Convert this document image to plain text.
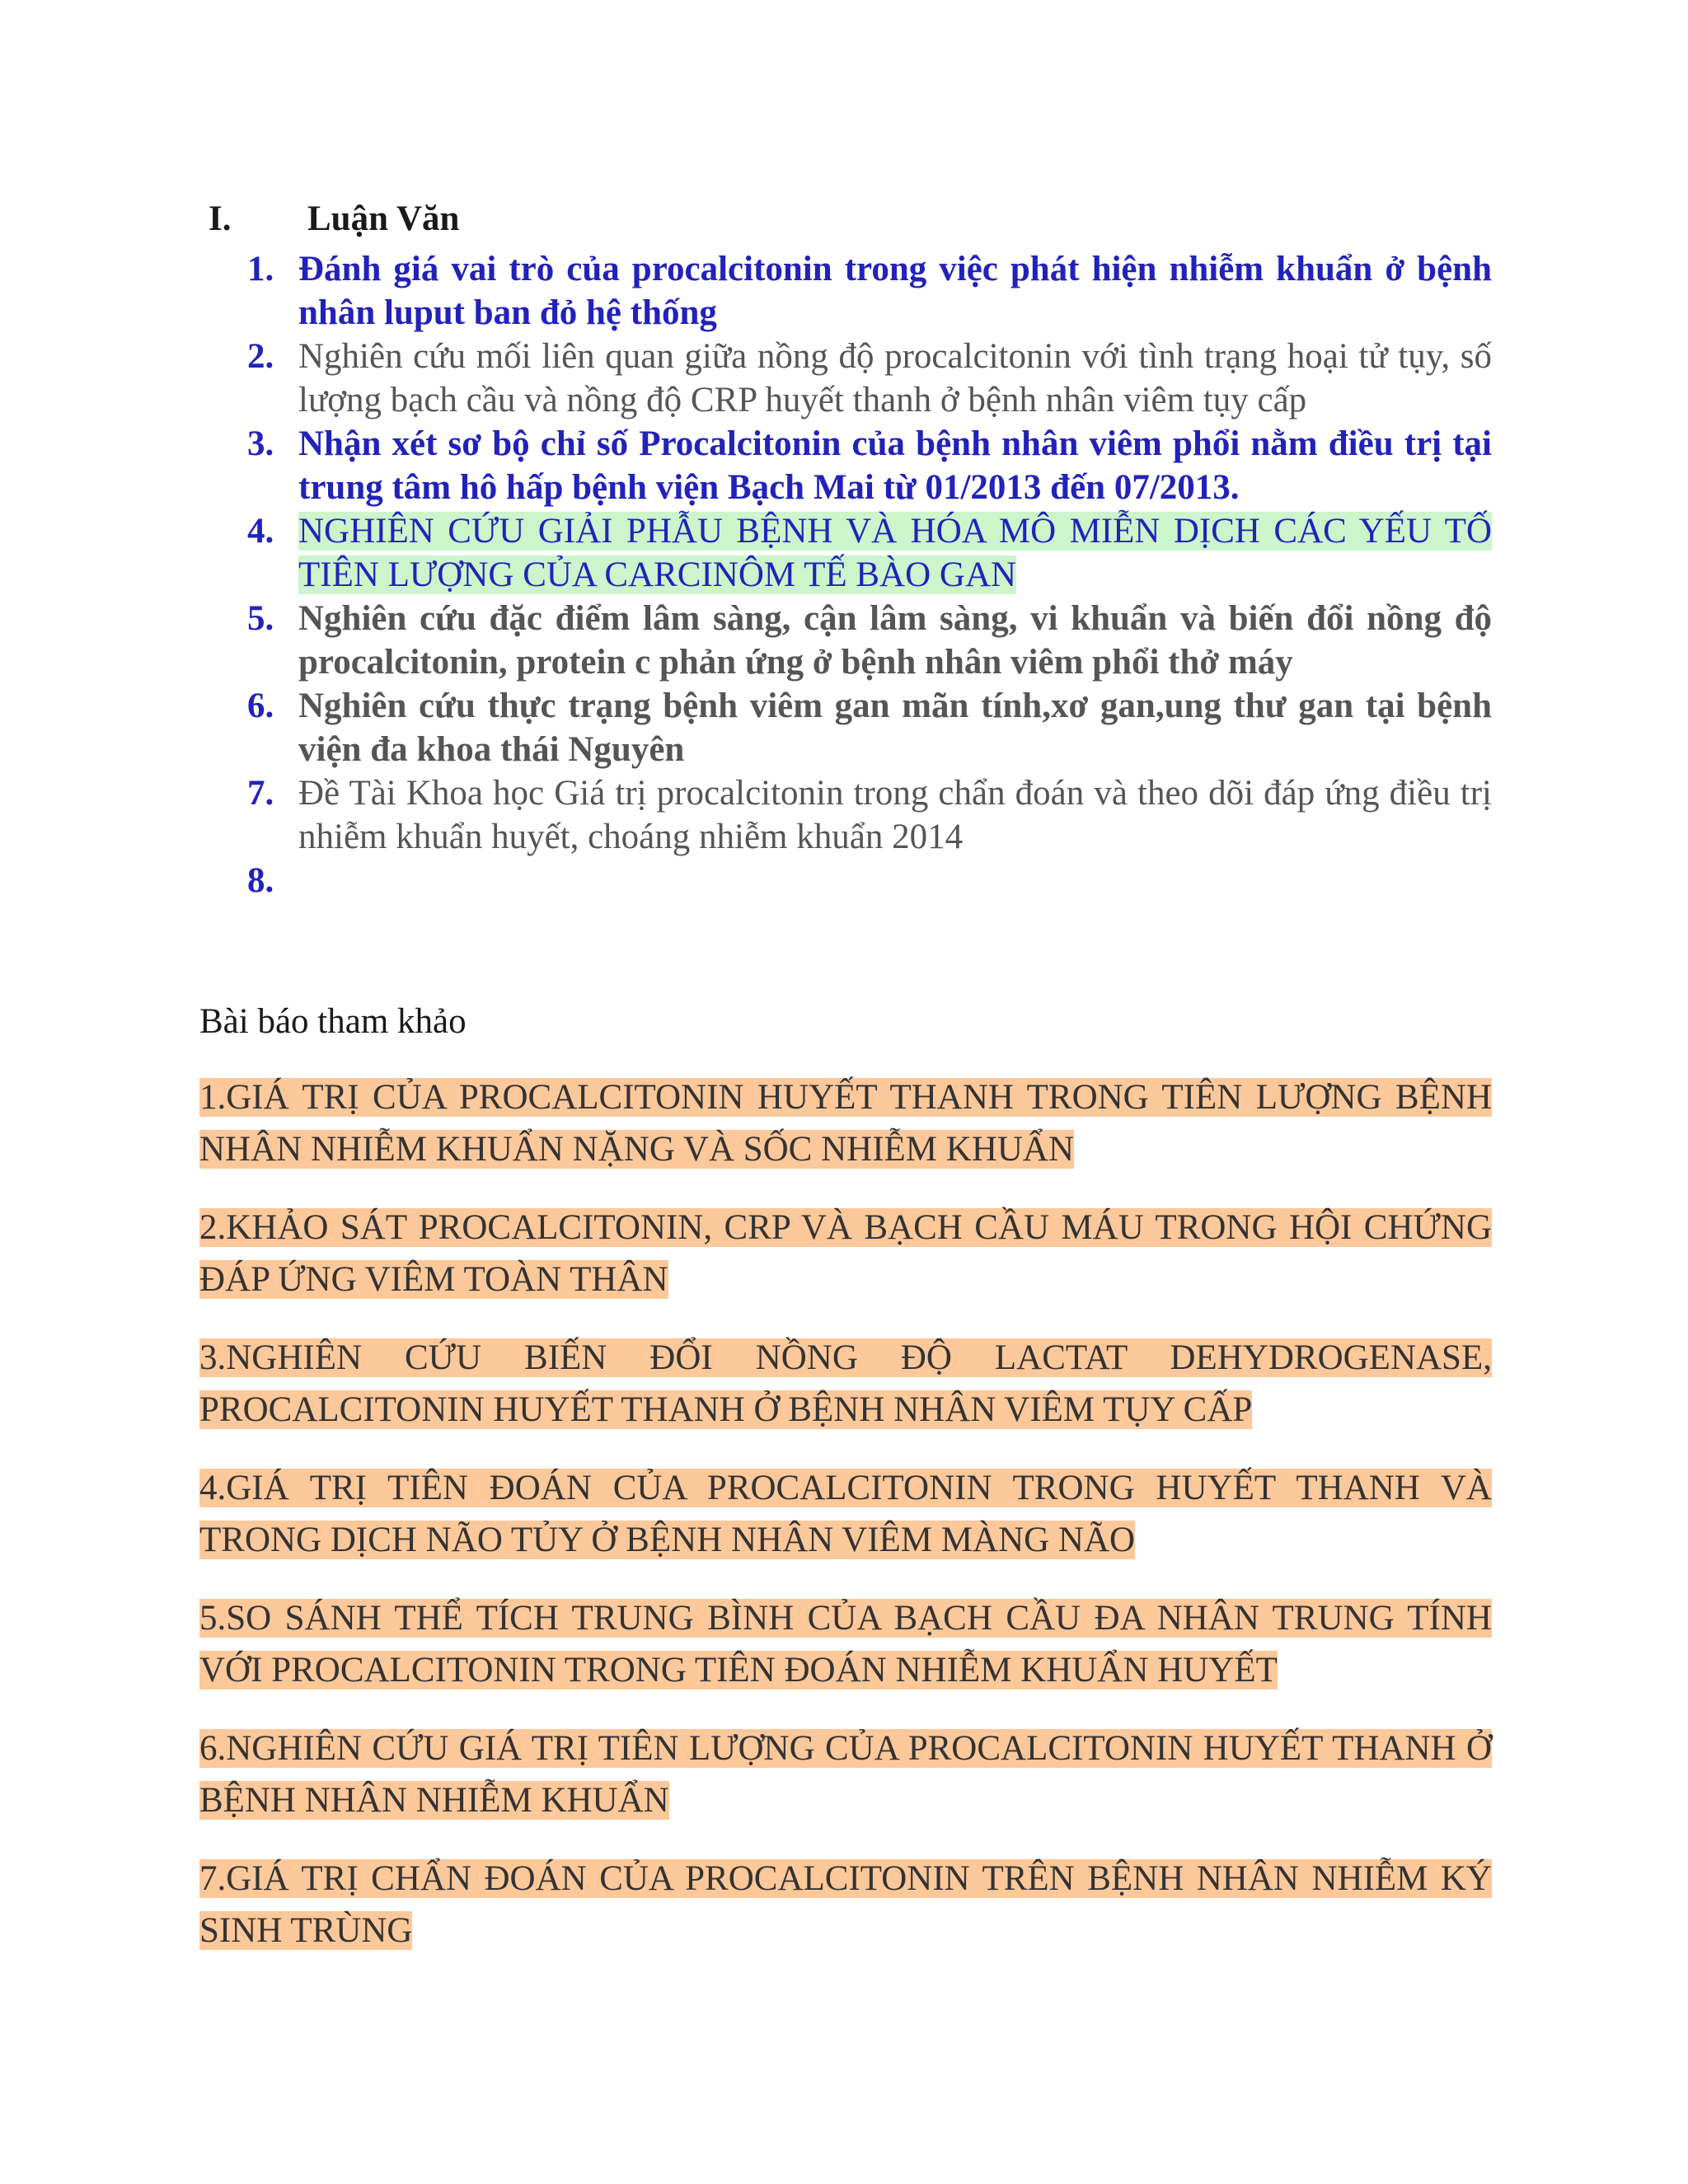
I. Luận Văn

1. Đánh giá vai trò của procalcitonin trong việc phát hiện nhiễm khuẩn ở bệnh nhân luput ban đỏ hệ thống

2. Nghiên cứu mối liên quan giữa nồng độ procalcitonin với tình trạng hoại tử tụy, số lượng bạch cầu và nồng độ CRP huyết thanh ở bệnh nhân viêm tụy cấp

3. Nhận xét sơ bộ chỉ số Procalcitonin của bệnh nhân viêm phổi nằm điều trị tại trung tâm hô hấp bệnh viện Bạch Mai từ 01/2013 đến 07/2013.

4. NGHIÊN CỨU GIẢI PHẪU BỆNH VÀ HÓA MÔ MIỄN DỊCH CÁC YẾU TỐ TIÊN LƯỢNG CỦA CARCINÔM TẾ BÀO GAN

5. Nghiên cứu đặc điểm lâm sàng, cận lâm sàng, vi khuẩn và biến đổi nồng độ procalcitonin, protein c phản ứng ở bệnh nhân viêm phổi thở máy

6. Nghiên cứu thực trạng bệnh viêm gan mãn tính,xơ gan,ung thư gan tại bệnh viện đa khoa thái Nguyên

7. Đề Tài Khoa học Giá trị procalcitonin trong chẩn đoán và theo dõi đáp ứng điều trị nhiễm khuẩn huyết, choáng nhiễm khuẩn 2014

8.

Bài báo tham khảo

1.GIÁ TRỊ CỦA PROCALCITONIN HUYẾT THANH TRONG TIÊN LƯỢNG BỆNH NHÂN NHIỄM KHUẨN NẶNG VÀ SỐC NHIỄM KHUẨN

2.KHẢO SÁT PROCALCITONIN, CRP VÀ BẠCH CẦU MÁU TRONG HỘI CHỨNG ĐÁP ỨNG VIÊM TOÀN THÂN

3.NGHIÊN CỨU BIẾN ĐỔI NỒNG ĐỘ LACTAT DEHYDROGENASE, PROCALCITONIN HUYẾT THANH Ở BỆNH NHÂN VIÊM TỤY CẤP

4.GIÁ TRỊ TIÊN ĐOÁN CỦA PROCALCITONIN TRONG HUYẾT THANH VÀ TRONG DỊCH NÃO TỦY Ở BỆNH NHÂN VIÊM MÀNG NÃO

5.SO SÁNH THỂ TÍCH TRUNG BÌNH CỦA BẠCH CẦU ĐA NHÂN TRUNG TÍNH VỚI PROCALCITONIN TRONG TIÊN ĐOÁN NHIỄM KHUẨN HUYẾT

6.NGHIÊN CỨU GIÁ TRỊ TIÊN LƯỢNG CỦA PROCALCITONIN HUYẾT THANH Ở BỆNH NHÂN NHIỄM KHUẨN

7.GIÁ TRỊ CHẨN ĐOÁN CỦA PROCALCITONIN TRÊN BỆNH NHÂN NHIỄM KÝ SINH TRÙNG
